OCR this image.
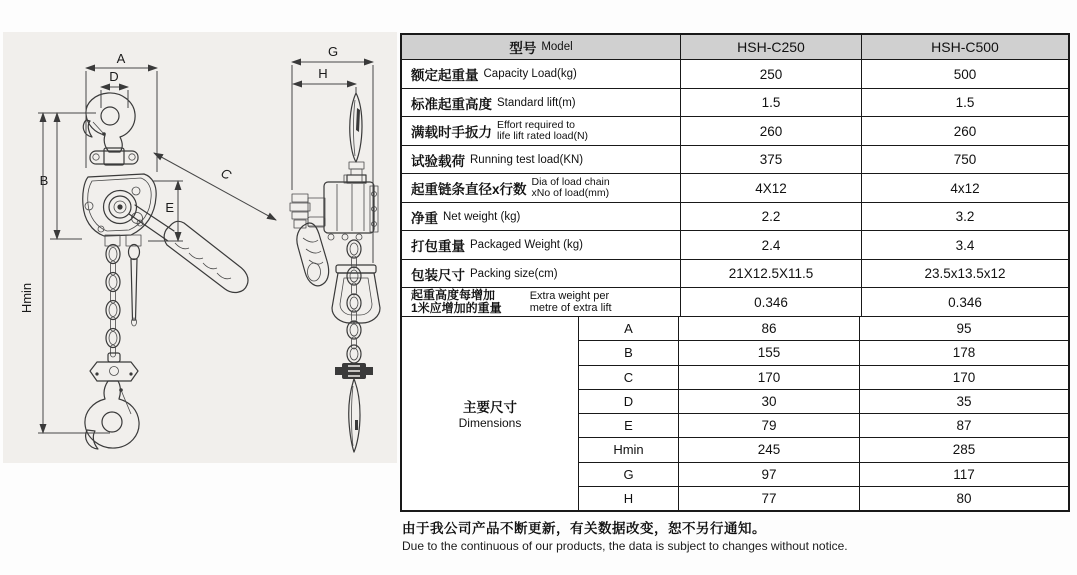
A
D
B
Hmin
C
E
G
H
型号 Model	HSH-C250	HSH-C500
额定起重量 Capacity Load(kg)	250	500
标准起重高度 Standard lift(m)	1.5	1.5
满载时手扳力 Effort required to
life lift rated load(N)	260	260
试验载荷 Running test load(KN)	375	750
起重链条直径x行数 Dia of load chain
xNo of load(mm)	4X12	4x12
净重 Net weight (kg)	2.2	3.2
打包重量 Packaged Weight (kg)	2.4	3.4
包装尺寸 Packing size(cm)	21X12.5X11.5	23.5x13.5x12
起重高度每增加
1米应增加的重量
Extra weight per
metre of extra lift	0.346	0.346
主要尺寸
Dimensions
A	86	95
B	155	178
C	170	170
D	30	35
E	79	87
Hmin	245	285
G	97	117
H	77	80
由于我公司产品不断更新，有关数据改变，恕不另行通知。
Due to the continuous of our products, the data is subject to changes without notice.
